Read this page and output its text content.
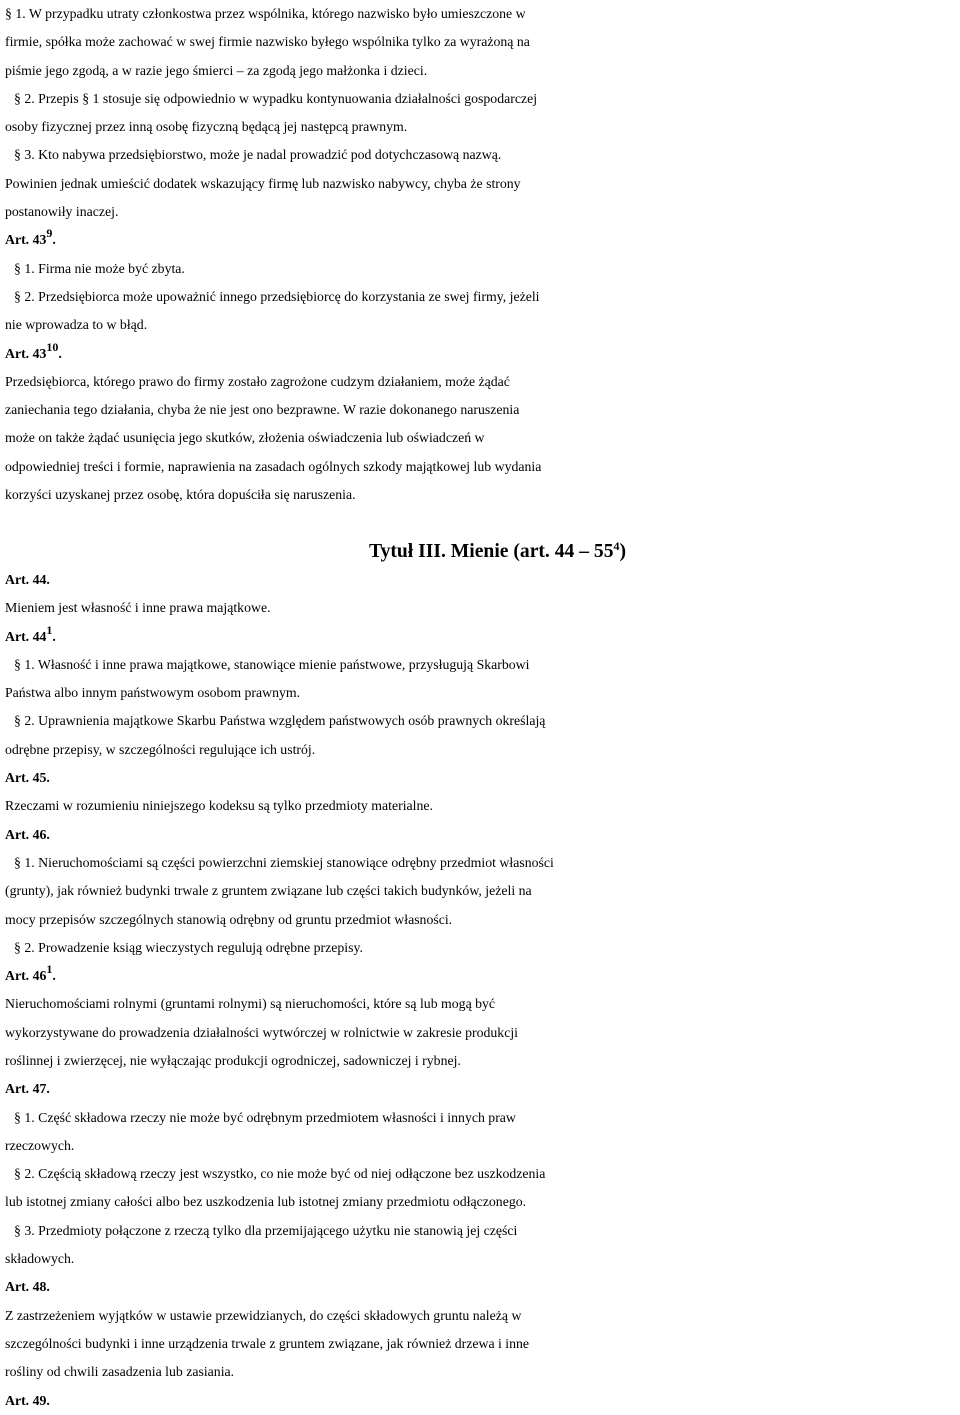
§ 1. W przypadku utraty członkostwa przez wspólnika, którego nazwisko było umieszczone w
firmie, spółka może zachować w swej firmie nazwisko byłego wspólnika tylko za wyrażoną na
piśmie jego zgodą, a w razie jego śmierci – za zgodą jego małżonka i dzieci.
§ 2. Przepis § 1 stosuje się odpowiednio w wypadku kontynuowania działalności gospodarczej
osoby fizycznej przez inną osobę fizyczną będącą jej następcą prawnym.
§ 3. Kto nabywa przedsiębiorstwo, może je nadal prowadzić pod dotychczasową nazwą.
Powinien jednak umieścić dodatek wskazujący firmę lub nazwisko nabywcy, chyba że strony
postanowiły inaczej.
Art. $43^9$.
§ 1. Firma nie może być zbyta.
§ 2. Przedsiębiorca może upoważnić innego przedsiębiorcę do korzystania ze swej firmy, jeżeli
nie wprowadza to w błąd.
Art. $43^{10}$.
Przedsiębiorca, którego prawo do firmy zostało zagrożone cudzym działaniem, może żądać
zaniechania tego działania, chyba że nie jest ono bezprawne. W razie dokonanego naruszenia
może on także żądać usunięcia jego skutków, złożenia oświadczenia lub oświadczeń w
odpowiedniej treści i formie, naprawienia na zasadach ogólnych szkody majątkowej lub wydania
korzyści uzyskanej przez osobę, która dopuściła się naruszenia.
Tytuł III. Mienie (art. $44 - 55^4$)
Art. 44.
Mieniem jest własność i inne prawa majątkowe.
Art. $44^1$.
§ 1. Własność i inne prawa majątkowe, stanowiące mienie państwowe, przysługują Skarbowi
Państwa albo innym państwowym osobom prawnym.
§ 2. Uprawnienia majątkowe Skarbu Państwa względem państwowych osób prawnych określają
odrębne przepisy, w szczególności regulujące ich ustrój.
Art. 45.
Rzeczami w rozumieniu niniejszego kodeksu są tylko przedmioty materialne.
Art. 46.
§ 1. Nieruchomościami są części powierzchni ziemskiej stanowiące odrębny przedmiot własności
(grunty), jak również budynki trwale z gruntem związane lub części takich budynków, jeżeli na
mocy przepisów szczególnych stanowią odrębny od gruntu przedmiot własności.
§ 2. Prowadzenie ksiąg wieczystych regulują odrębne przepisy.
Art. $46^1$.
Nieruchomościami rolnymi (gruntami rolnymi) są nieruchomości, które są lub mogą być
wykorzystywane do prowadzenia działalności wytwórczej w rolnictwie w zakresie produkcji
roślinnej i zwierzęcej, nie wyłączając produkcji ogrodniczej, sadowniczej i rybnej.
Art. 47.
§ 1. Część składowa rzeczy nie może być odrębnym przedmiotem własności i innych praw
rzeczowych.
§ 2. Częścią składową rzeczy jest wszystko, co nie może być od niej odłączone bez uszkodzenia
lub istotnej zmiany całości albo bez uszkodzenia lub istotnej zmiany przedmiotu odłączonego.
§ 3. Przedmioty połączone z rzeczą tylko dla przemijającego użytku nie stanowią jej części
składowych.
Art. 48.
Z zastrzeżeniem wyjątków w ustawie przewidzianych, do części składowych gruntu należą w
szczególności budynki i inne urządzenia trwale z gruntem związane, jak również drzewa i inne
rośliny od chwili zasadzenia lub zasiania.
Art. 49.
